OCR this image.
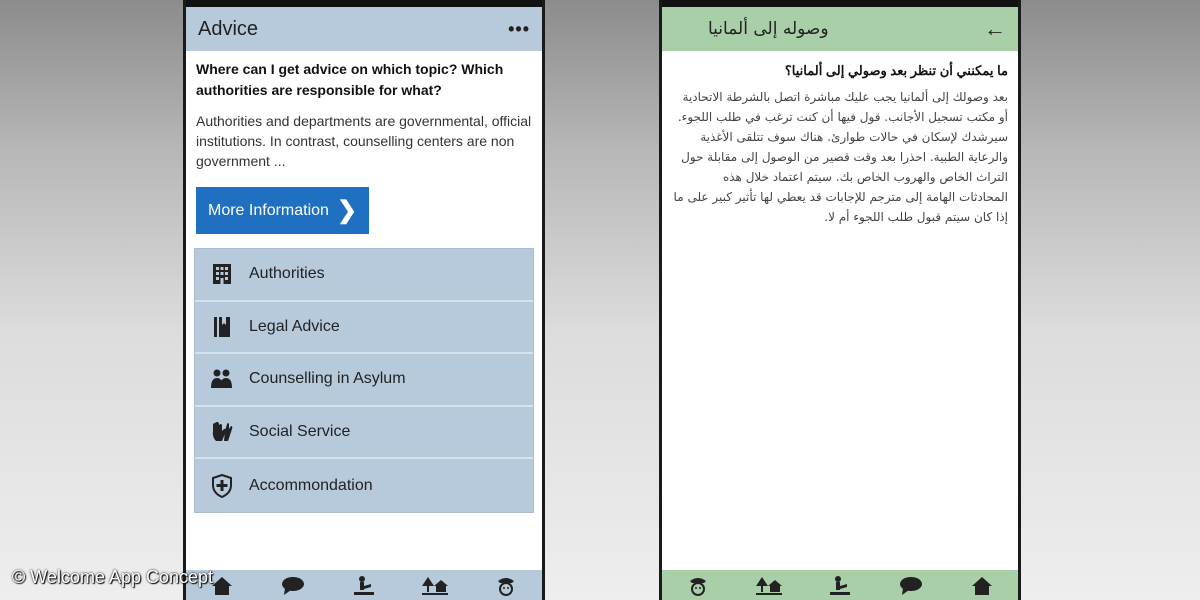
Advice	•••
Where can I get advice on which topic? Which authorities are responsible for what?
Authorities and departments are governmental, official institutions. In contrast, counselling centers are non government ...
More Information ❯
Authorities
Legal Advice
Counselling in Asylum
Social Service
Accommondation
وصوله إلى ألمانيا	←
ما يمكنني أن تنظر بعد وصولي إلى ألمانيا؟
بعد وصولك إلى ألمانيا يجب عليك مباشرة اتصل بالشرطة الاتحادية أو مكتب تسجيل الأجانب. قول فيها أن كنت ترغب في طلب اللجوء. سيرشدك لإسكان في حالات طوارئ. هناك سوف تتلقى الأغذية والرعاية الطبية. احذرا بعد وقت قصير من الوصول إلى مقابلة حول التراث الخاص والهروب الخاص بك. سيتم اعتماد خلال هذه المحادثات الهامة إلى مترجم للإجابات قد يعطي لها تأثير كبير على ما إذا كان سيتم قبول طلب اللجوء أم لا.
© Welcome App Concept
